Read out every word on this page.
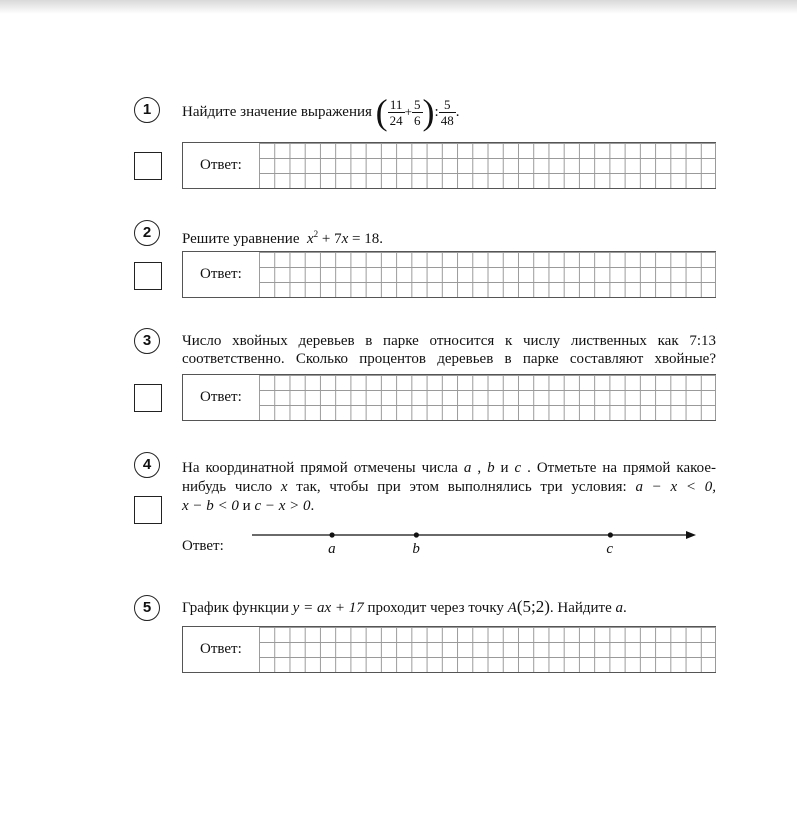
1	Найдите значение выражения
( $\frac{11}{24} + \frac{5}{6}$ ) : $\frac{5}{48}$ .
Ответ:
2	Решите уравнение $x^2 + 7x = 18$.
Ответ:
3	Число хвойных деревьев в парке относится к числу лиственных как 7:13
соответственно. Сколько процентов деревьев в парке составляют хвойные?
Ответ:
4	На координатной прямой отмечены числа a , b и c . Отметьте на прямой какое-
нибудь число x так, чтобы при этом выполнялись три условия: a − x < 0,
x − b < 0 и c − x > 0.
Ответ:	a	b	c
5	График функции y = ax + 17 проходит через точку A(5;2). Найдите a.
Ответ:
